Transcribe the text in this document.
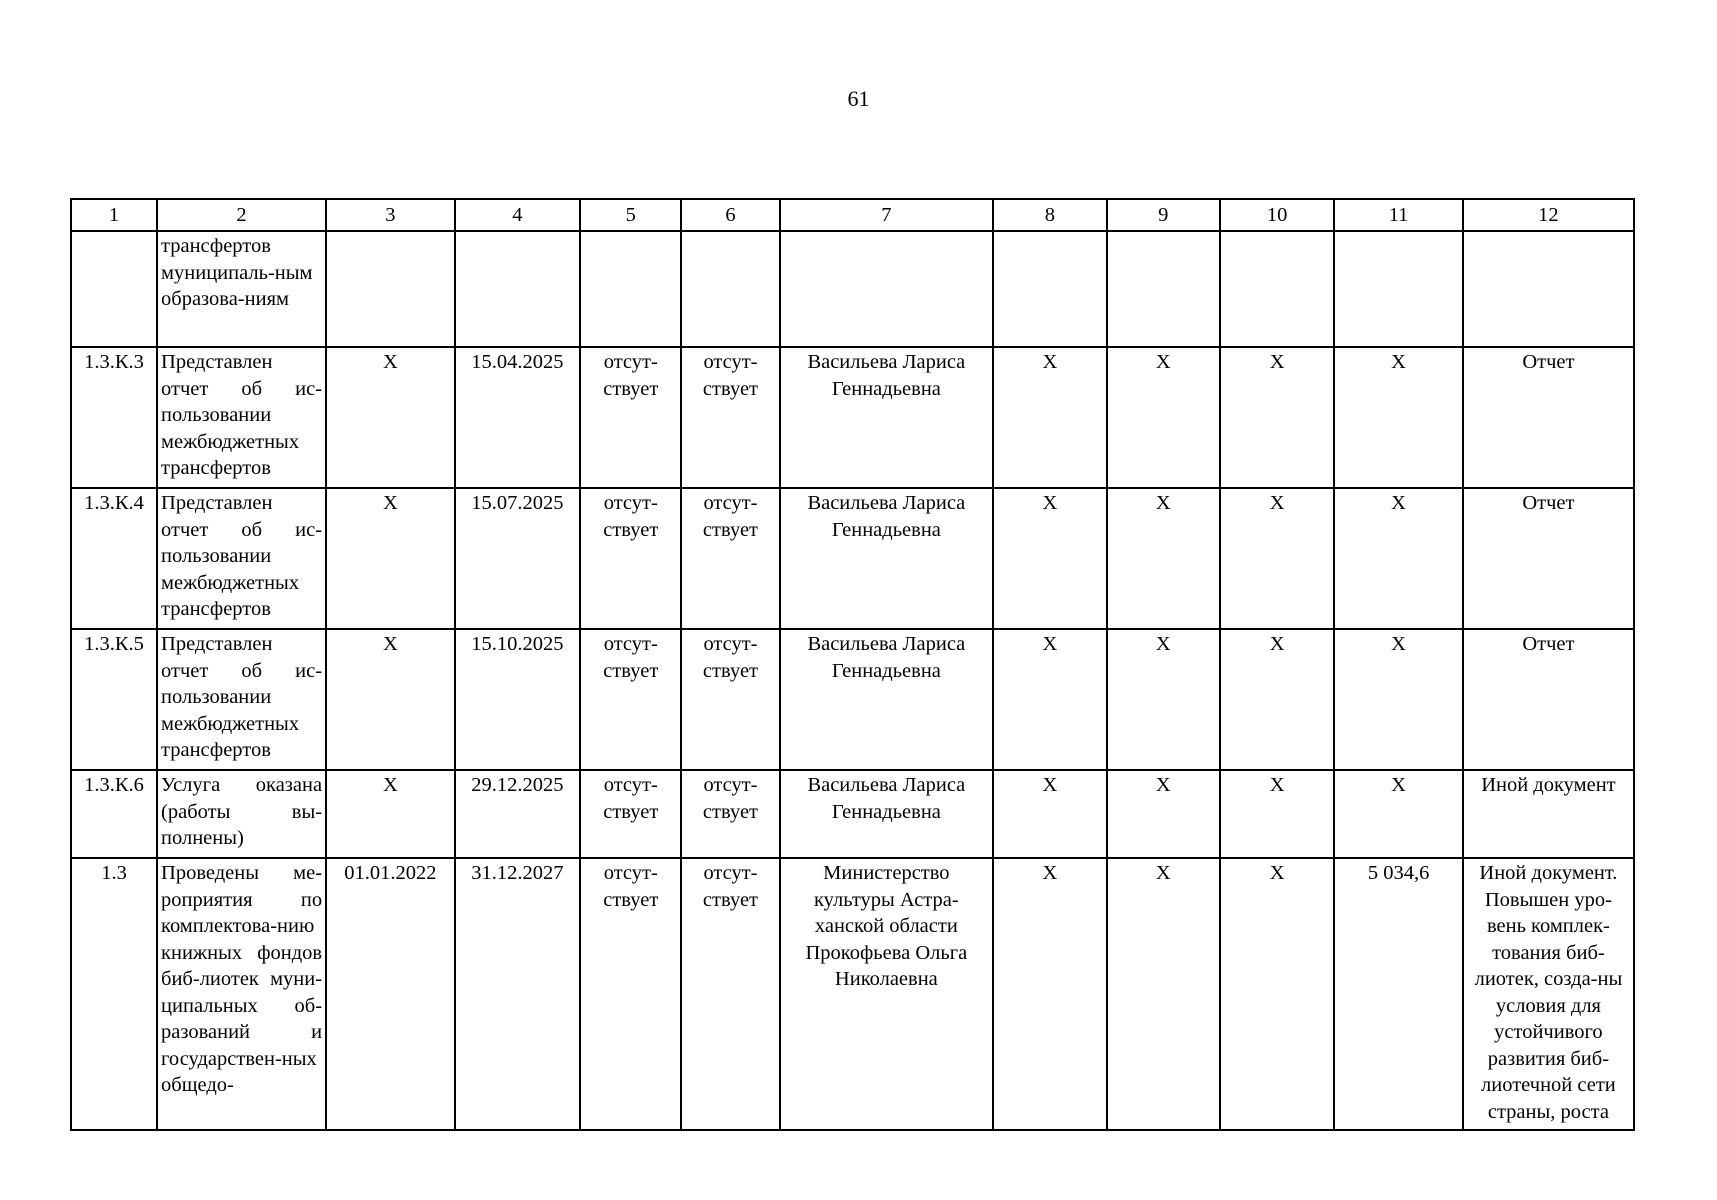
61
1	2	3	4	5	6	7	8	9	10	11	12
	трансфертов муниципаль-ным образова-ниям										
1.3.К.3	Представлен отчет об ис-пользовании межбюджетных трансфертов	X	15.04.2025	отсут-ствует	отсут-ствует	Васильева Лариса Геннадьевна	X	X	X	X	Отчет
1.3.К.4	Представлен отчет об ис-пользовании межбюджетных трансфертов	X	15.07.2025	отсут-ствует	отсут-ствует	Васильева Лариса Геннадьевна	X	X	X	X	Отчет
1.3.К.5	Представлен отчет об ис-пользовании межбюджетных трансфертов	X	15.10.2025	отсут-ствует	отсут-ствует	Васильева Лариса Геннадьевна	X	X	X	X	Отчет
1.3.К.6	Услуга оказана (работы вы-полнены)	X	29.12.2025	отсут-ствует	отсут-ствует	Васильева Лариса Геннадьевна	X	X	X	X	Иной документ
1.3	Проведены ме-роприятия по комплектова-нию книжных фондов биб-лиотек муни-ципальных об-разований и государствен-ных общедо-	01.01.2022	31.12.2027	отсут-ствует	отсут-ствует	Министерство культуры Астра-ханской области Прокофьева Ольга Николаевна	X	X	X	5 034,6	Иной документ. Повышен уро-вень комплек-тования биб-лиотек, созда-ны условия для устойчивого развития биб-лиотечной сети страны, роста
